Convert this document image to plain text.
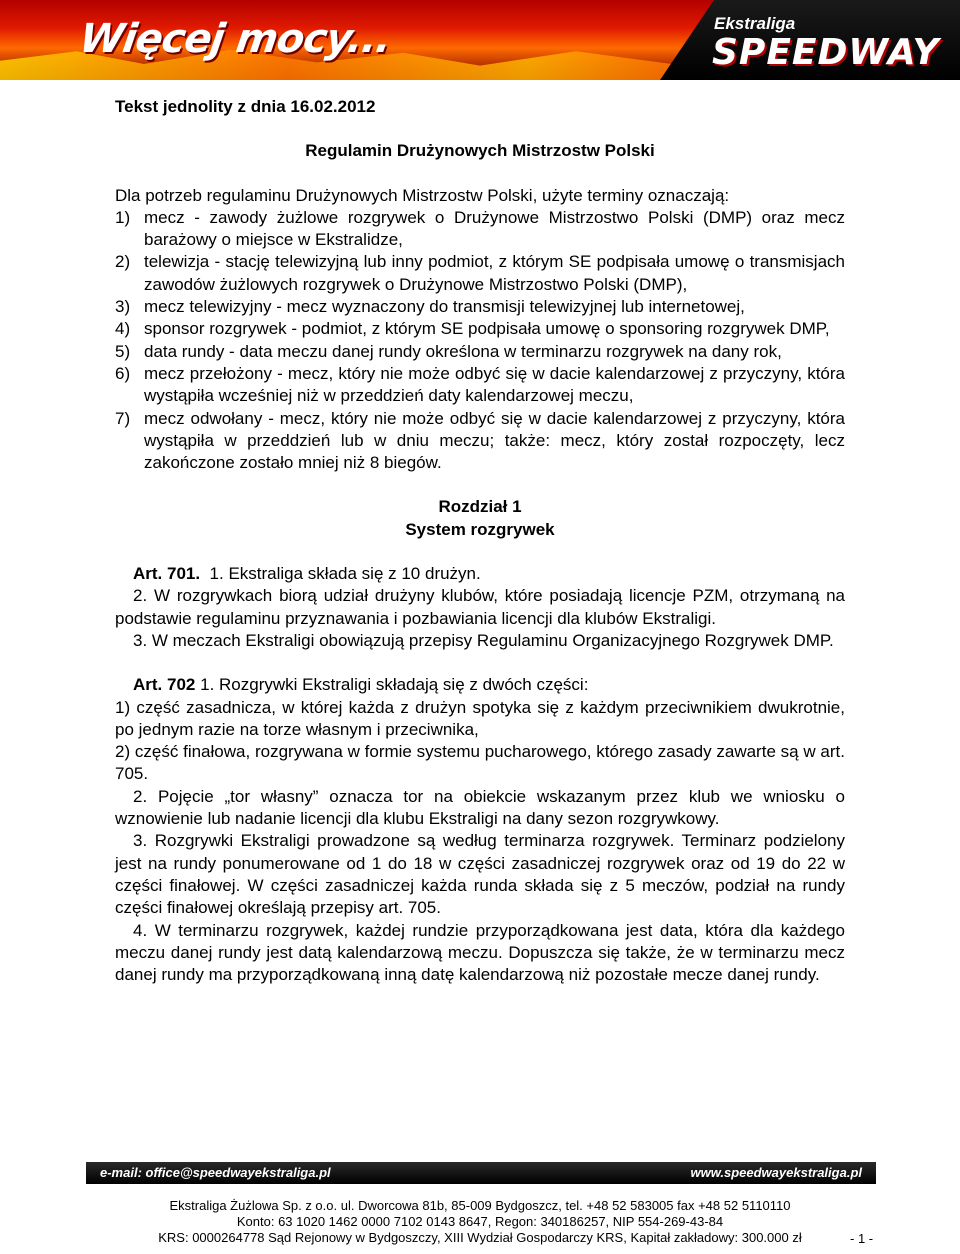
Więcej mocy...	Ekstraliga
SPEEDWAY

Tekst jednolity z dnia 16.02.2012

Regulamin Drużynowych Mistrzostw Polski

Dla potrzeb regulaminu Drużynowych Mistrzostw Polski, użyte terminy oznaczają:

1) mecz - zawody żużlowe rozgrywek o Drużynowe Mistrzostwo Polski (DMP) oraz mecz barażowy o miejsce w Ekstralidze,
2) telewizja - stację telewizyjną lub inny podmiot, z którym SE podpisała umowę o transmisjach zawodów żużlowych rozgrywek o Drużynowe Mistrzostwo Polski (DMP),
3) mecz telewizyjny - mecz wyznaczony do transmisji telewizyjnej lub internetowej,
4) sponsor rozgrywek - podmiot, z którym SE podpisała umowę o sponsoring rozgrywek DMP,
5) data rundy - data meczu danej rundy określona w terminarzu rozgrywek na dany rok,
6) mecz przełożony - mecz, który nie może odbyć się w dacie kalendarzowej z przyczyny, która wystąpiła wcześniej niż w przeddzień daty kalendarzowej meczu,
7) mecz odwołany - mecz, który nie może odbyć się w dacie kalendarzowej z przyczyny, która wystąpiła w przeddzień lub w dniu meczu; także: mecz, który został rozpoczęty, lecz zakończone zostało mniej niż 8 biegów.
Rozdział 1
System rozgrywek

Art. 701. 1. Ekstraliga składa się z 10 drużyn.

2. W rozgrywkach biorą udział drużyny klubów, które posiadają licencje PZM, otrzymaną na podstawie regulaminu przyznawania i pozbawiania licencji dla klubów Ekstraligi.

3. W meczach Ekstraligi obowiązują przepisy Regulaminu Organizacyjnego Rozgrywek DMP.

Art. 702 1. Rozgrywki Ekstraligi składają się z dwóch części:

1) część zasadnicza, w której każda z drużyn spotyka się z każdym przeciwnikiem dwukrotnie, po jednym razie na torze własnym i przeciwnika,

2) część finałowa, rozgrywana w formie systemu pucharowego, którego zasady zawarte są w art. 705.

2. Pojęcie „tor własny” oznacza tor na obiekcie wskazanym przez klub we wniosku o wznowienie lub nadanie licencji dla klubu Ekstraligi na dany sezon rozgrywkowy.

3. Rozgrywki Ekstraligi prowadzone są według terminarza rozgrywek. Terminarz podzielony jest na rundy ponumerowane od 1 do 18 w części zasadniczej rozgrywek oraz od 19 do 22 w części finałowej. W części zasadniczej każda runda składa się z 5 meczów, podział na rundy części finałowej określają przepisy art. 705.

4. W terminarzu rozgrywek, każdej rundzie przyporządkowana jest data, która dla każdego meczu danej rundy jest datą kalendarzową meczu. Dopuszcza się także, że w terminarzu mecz danej rundy ma przyporządkowaną inną datę kalendarzową niż pozostałe mecze danej rundy.

e-mail: office@speedwayekstraliga.pl	www.speedwayekstraliga.pl
Ekstraliga Żużlowa Sp. z o.o. ul. Dworcowa 81b, 85-009 Bydgoszcz, tel. +48 52 583005 fax +48 52 5110110
Konto: 63 1020 1462 0000 7102 0143 8647, Regon: 340186257, NIP 554-269-43-84
KRS: 0000264778 Sąd Rejonowy w Bydgoszczy, XIII Wydział Gospodarczy KRS, Kapitał zakładowy: 300.000 zł	- 1 -
